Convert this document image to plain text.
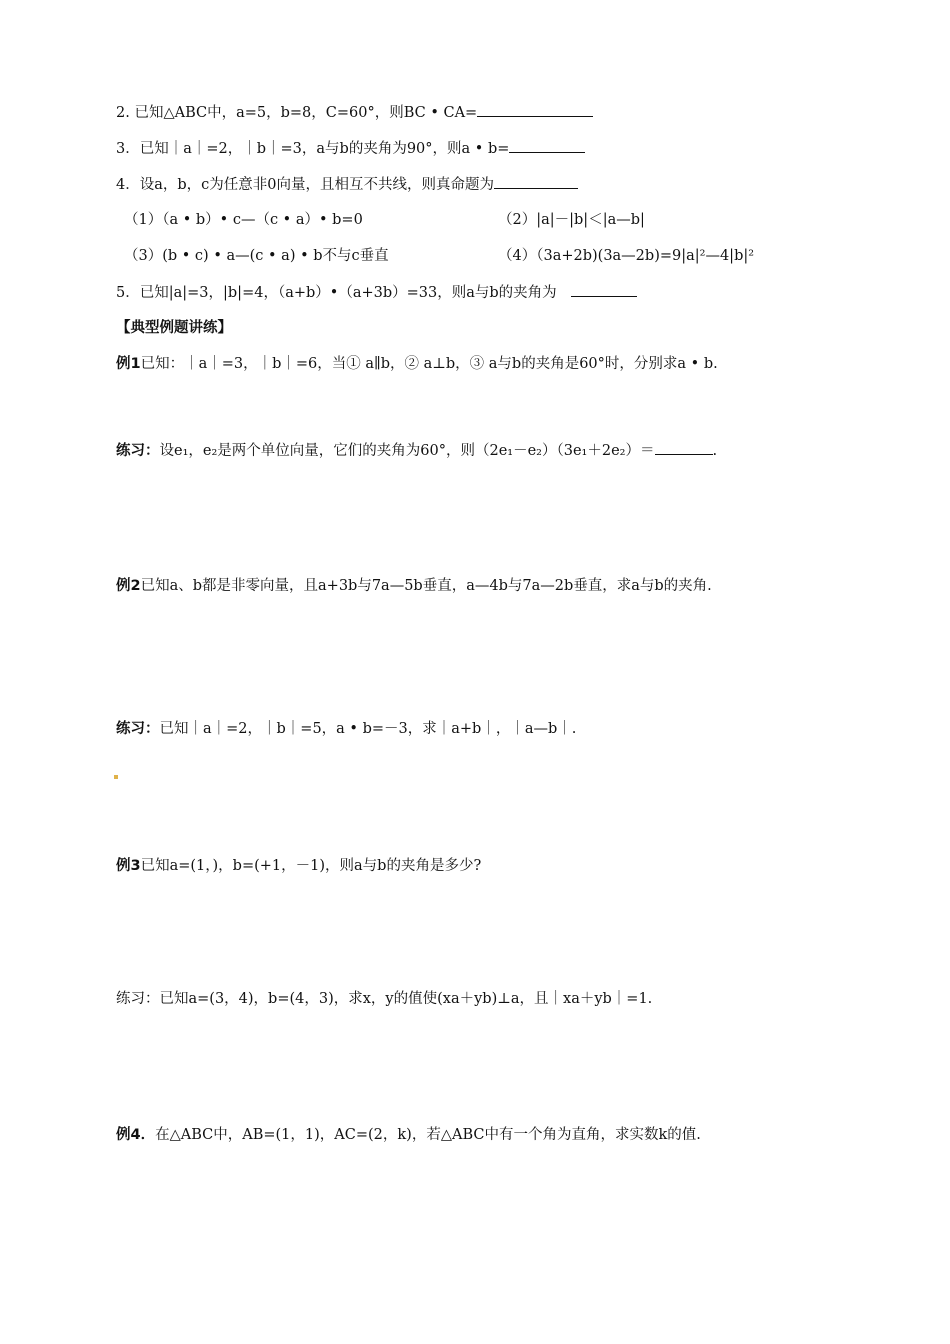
2. 已知△ABC中，a=5，b=8，C=60°，则BC • CA=
3．已知｜a｜=2，｜b｜=3，a与b的夹角为90°，则a • b=
4．设a，b，c为任意非0向量，且相互不共线，则真命题为
（1）（a • b）• c—（c • a）• b=0	（2）|a|－|b|＜|a—b|
（3）(b • c) • a—(c • a) • b不与c垂直	（4）（3a+2b)(3a—2b)=9|a|²—4|b|²
5．已知|a|=3，|b|=4，（a+b）•（a+3b）=33，则a与b的夹角为
【典型例题讲练】
例1已知：｜a｜=3，｜b｜=6，当① a∥b，② a⊥b，③ a与b的夹角是60°时，分别求a • b.
练习：设e₁，e₂是两个单位向量，它们的夹角为60°，则（2e₁－e₂）（3e₁＋2e₂）＝	.
例2已知a、b都是非零向量，且a+3b与7a—5b垂直，a—4b与7a—2b垂直，求a与b的夹角.
练习：已知｜a｜=2，｜b｜=5，a • b=－3，求｜a+b｜，｜a—b｜.
例3已知a=(1，)，b=(+1，－1)，则a与b的夹角是多少?
练习：已知a=(3，4)，b=(4，3)，求x，y的值使(xa＋yb)⊥a，且｜xa＋yb｜=1.
例4．在△ABC中，AB=(1，1)，AC=(2，k)，若△ABC中有一个角为直角，求实数k的值.
